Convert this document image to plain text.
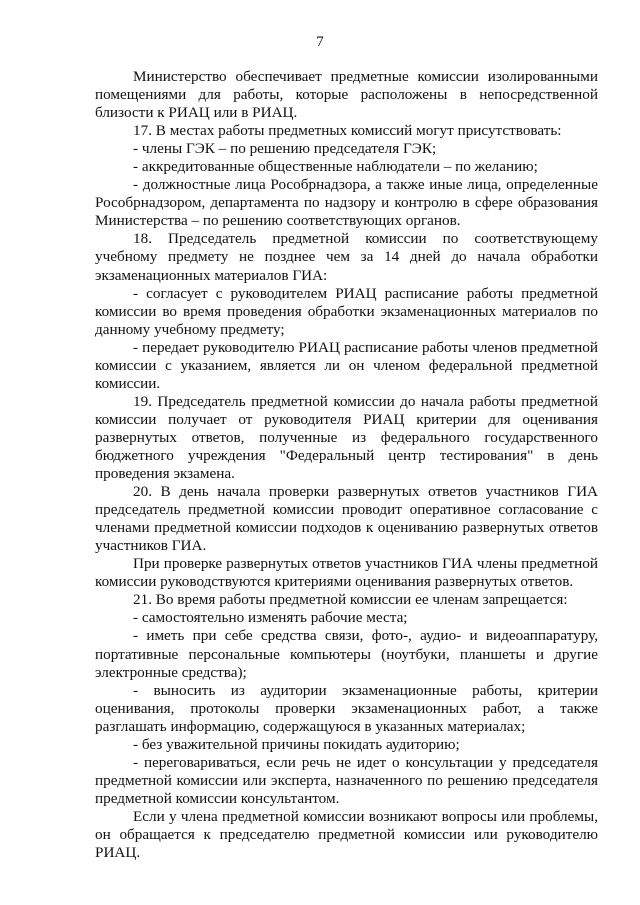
7

Министерство обеспечивает предметные комиссии изолированными помещениями для работы, которые расположены в непосредственной близости к РИАЦ или в РИАЦ.

17. В местах работы предметных комиссий могут присутствовать:

- члены ГЭК – по решению председателя ГЭК;

- аккредитованные общественные наблюдатели – по желанию;

- должностные лица Рособрнадзора, а также иные лица, определенные Рособрнадзором, департамента по надзору и контролю в сфере образования Министерства – по решению соответствующих органов.

18. Председатель предметной комиссии по соответствующему учебному предмету не позднее чем за 14 дней до начала обработки экзаменационных материалов ГИА:

- согласует с руководителем РИАЦ расписание работы предметной комиссии во время проведения обработки экзаменационных материалов по данному учебному предмету;

- передает руководителю РИАЦ расписание работы членов предметной комиссии с указанием, является ли он членом федеральной предметной комиссии.

19. Председатель предметной комиссии до начала работы предметной комиссии получает от руководителя РИАЦ критерии для оценивания развернутых ответов, полученные из федерального государственного бюджетного учреждения "Федеральный центр тестирования" в день проведения экзамена.

20. В день начала проверки развернутых ответов участников ГИА председатель предметной комиссии проводит оперативное согласование с членами предметной комиссии подходов к оцениванию развернутых ответов участников ГИА.

При проверке развернутых ответов участников ГИА члены предметной комиссии руководствуются критериями оценивания развернутых ответов.

21. Во время работы предметной комиссии ее членам запрещается:

- самостоятельно изменять рабочие места;

- иметь при себе средства связи, фото-, аудио- и видеоаппаратуру, портативные персональные компьютеры (ноутбуки, планшеты и другие электронные средства);

- выносить из аудитории экзаменационные работы, критерии оценивания, протоколы проверки экзаменационных работ, а также разглашать информацию, содержащуюся в указанных материалах;

- без уважительной причины покидать аудиторию;

- переговариваться, если речь не идет о консультации у председателя предметной комиссии или эксперта, назначенного по решению председателя предметной комиссии консультантом.

Если у члена предметной комиссии возникают вопросы или проблемы, он обращается к председателю предметной комиссии или руководителю РИАЦ.
